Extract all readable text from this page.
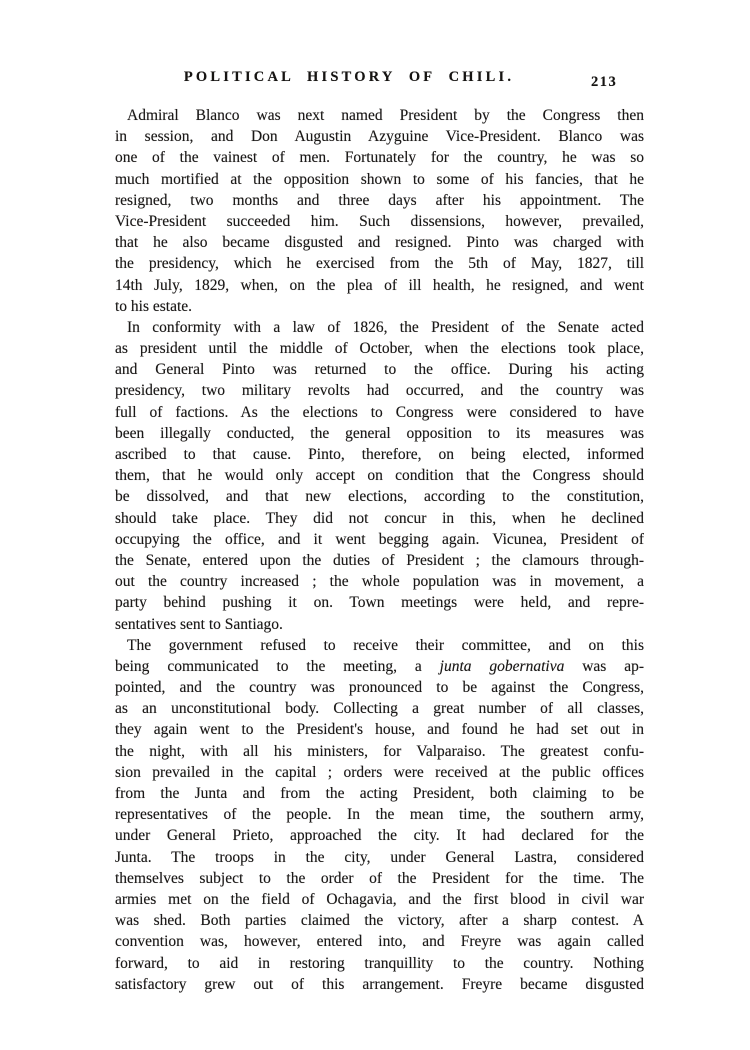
POLITICAL HISTORY OF CHILI.	213
Admiral Blanco was next named President by the Congress then
in session, and Don Augustin Azyguine Vice-President. Blanco was
one of the vainest of men. Fortunately for the country, he was so
much mortified at the opposition shown to some of his fancies, that he
resigned, two months and three days after his appointment. The
Vice-President succeeded him. Such dissensions, however, prevailed,
that he also became disgusted and resigned. Pinto was charged with
the presidency, which he exercised from the 5th of May, 1827, till
14th July, 1829, when, on the plea of ill health, he resigned, and went
to his estate.
In conformity with a law of 1826, the President of the Senate acted
as president until the middle of October, when the elections took place,
and General Pinto was returned to the office. During his acting
presidency, two military revolts had occurred, and the country was
full of factions. As the elections to Congress were considered to have
been illegally conducted, the general opposition to its measures was
ascribed to that cause. Pinto, therefore, on being elected, informed
them, that he would only accept on condition that the Congress should
be dissolved, and that new elections, according to the constitution,
should take place. They did not concur in this, when he declined
occupying the office, and it went begging again. Vicunea, President of
the Senate, entered upon the duties of President ; the clamours through-
out the country increased ; the whole population was in movement, a
party behind pushing it on. Town meetings were held, and repre-
sentatives sent to Santiago.
The government refused to receive their committee, and on this
being communicated to the meeting, a junta gobernativa was ap-
pointed, and the country was pronounced to be against the Congress,
as an unconstitutional body. Collecting a great number of all classes,
they again went to the President's house, and found he had set out in
the night, with all his ministers, for Valparaiso. The greatest confu-
sion prevailed in the capital ; orders were received at the public offices
from the Junta and from the acting President, both claiming to be
representatives of the people. In the mean time, the southern army,
under General Prieto, approached the city. It had declared for the
Junta. The troops in the city, under General Lastra, considered
themselves subject to the order of the President for the time. The
armies met on the field of Ochagavia, and the first blood in civil war
was shed. Both parties claimed the victory, after a sharp contest. A
convention was, however, entered into, and Freyre was again called
forward, to aid in restoring tranquillity to the country. Nothing
satisfactory grew out of this arrangement. Freyre became disgusted
